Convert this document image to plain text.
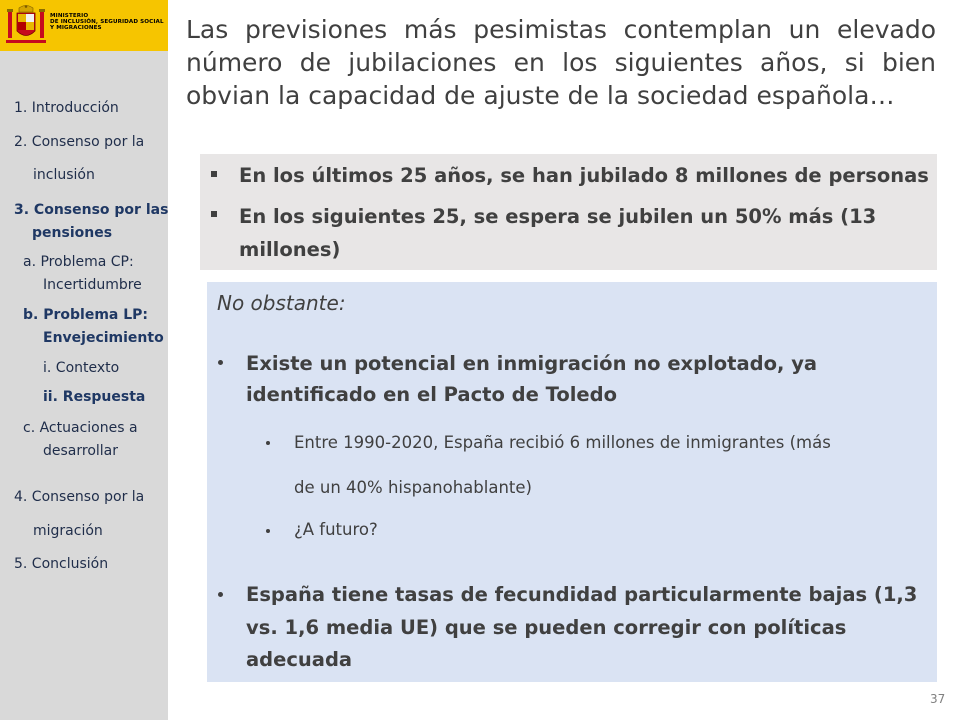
MINISTERIO
DE INCLUSIÓN, SEGURIDAD SOCIAL
Y MIGRACIONES
1. Introducción
2. Consenso por la
inclusión
3. Consenso por las
pensiones
a. Problema CP:
Incertidumbre
b. Problema LP:
Envejecimiento
i. Contexto
ii. Respuesta
c. Actuaciones a
desarrollar
4. Consenso por la
migración
5. Conclusión
Las previsiones más pesimistas contemplan un elevado número de jubilaciones en los siguientes años, si bien obvian la capacidad de ajuste de la sociedad española…
En los últimos 25 años, se han jubilado 8 millones de personas
En los siguientes 25, se espera se jubilen un 50% más (13
millones)
No obstante:
Existe un potencial en inmigración no explotado, ya
identificado en el Pacto de Toledo
Entre 1990-2020, España recibió 6 millones de inmigrantes (más
de un 40% hispanohablante)
¿A futuro?
España tiene tasas de fecundidad particularmente bajas (1,3
vs. 1,6 media UE) que se pueden corregir con políticas
adecuada
37
